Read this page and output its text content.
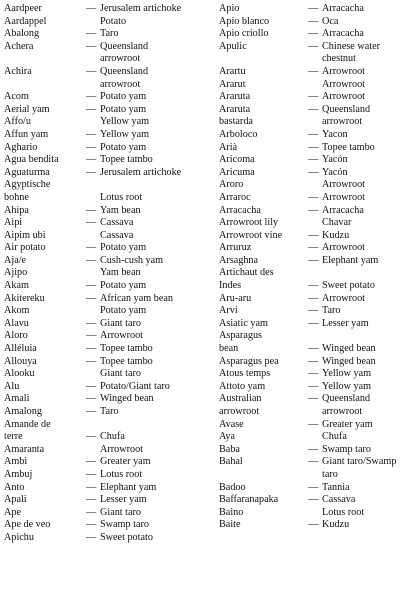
Aardpeer	— Jerusalem artichoke
Aardappel	Potato
Abalong	— Taro
Achera	— Queensland
arrowroot
Achira	— Queensland
arrowroot
Acom	— Potato yam
Aerial yam	— Potato yam
Affo/u	Yellow yam
Affun yam	— Yellow yam
Aghario	— Potato yam
Agua bendita	— Topee tambo
Aguaturma	— Jerusalem artichoke
Agyptische
bohne	Lotus root
Ahipa	— Yam bean
Aipi	— Cassava
Aipim ubi	Cassava
Air potato	— Potato yam
Aja/e	— Cush-cush yam
Ajipo	Yam bean
Akam	— Potato yam
Akitereku	— African yam bean
Akom	Potato yam
Alavu	— Giant taro
Aloro	— Arrowroot
Alléluia	— Topee tambo
Allouya	— Topee tambo
Alooku	Giant taro
Alu	— Potato/Giant taro
Amali	— Winged bean
Amalong	— Taro
Amande de
terre	— Chufa
Amaranta	Arrowroot
Ambi	— Greater yam
Ambuj	— Lotus root
Anto	— Elephant yam
Apali	— Lesser yam
Ape	— Giant taro
Ape de veo	— Swamp taro
Apichu	— Sweet potato
Apio	— Arracacha
Apio blanco	— Oca
Apio criollo	— Arracacha
Apulic	— Chinese water
chestnut
Arartu	— Arrowroot
Ararut	Arrowroot
Araruta	— Arrowroot
Araruta	— Queensland
bastarda	arrowroot
Arboloco	— Yacon
Arià	— Topee tambo
Aricoma	— Yacón
Aricuma	— Yacón
Aroro	Arrowroot
Arraroc	— Arrowroot
Arracacha	— Arracacha
Arrowroot lily	Chavar
Arrowroot vine	— Kudzu
Arruruz	— Arrowroot
Arsaghna	— Elephant yam
Artichaut des
Indes	— Sweet potato
Aru-aru	— Arrowroot
Arvi	— Taro
Asiatic yam	— Lesser yam
Asparagus
bean	— Winged bean
Asparagus pea	— Winged bean
Atous temps	— Yellow yam
Attoto yam	— Yellow yam
Australian	— Queensland
arrowroot	arrowroot
Avase	— Greater yam
Aya	Chufa
Baba	— Swamp taro
Bahal	— Giant taro/Swamp
taro
Badoo	— Tannia
Baffaranapaka	— Cassava
Baino	Lotus root
Baite	— Kudzu
